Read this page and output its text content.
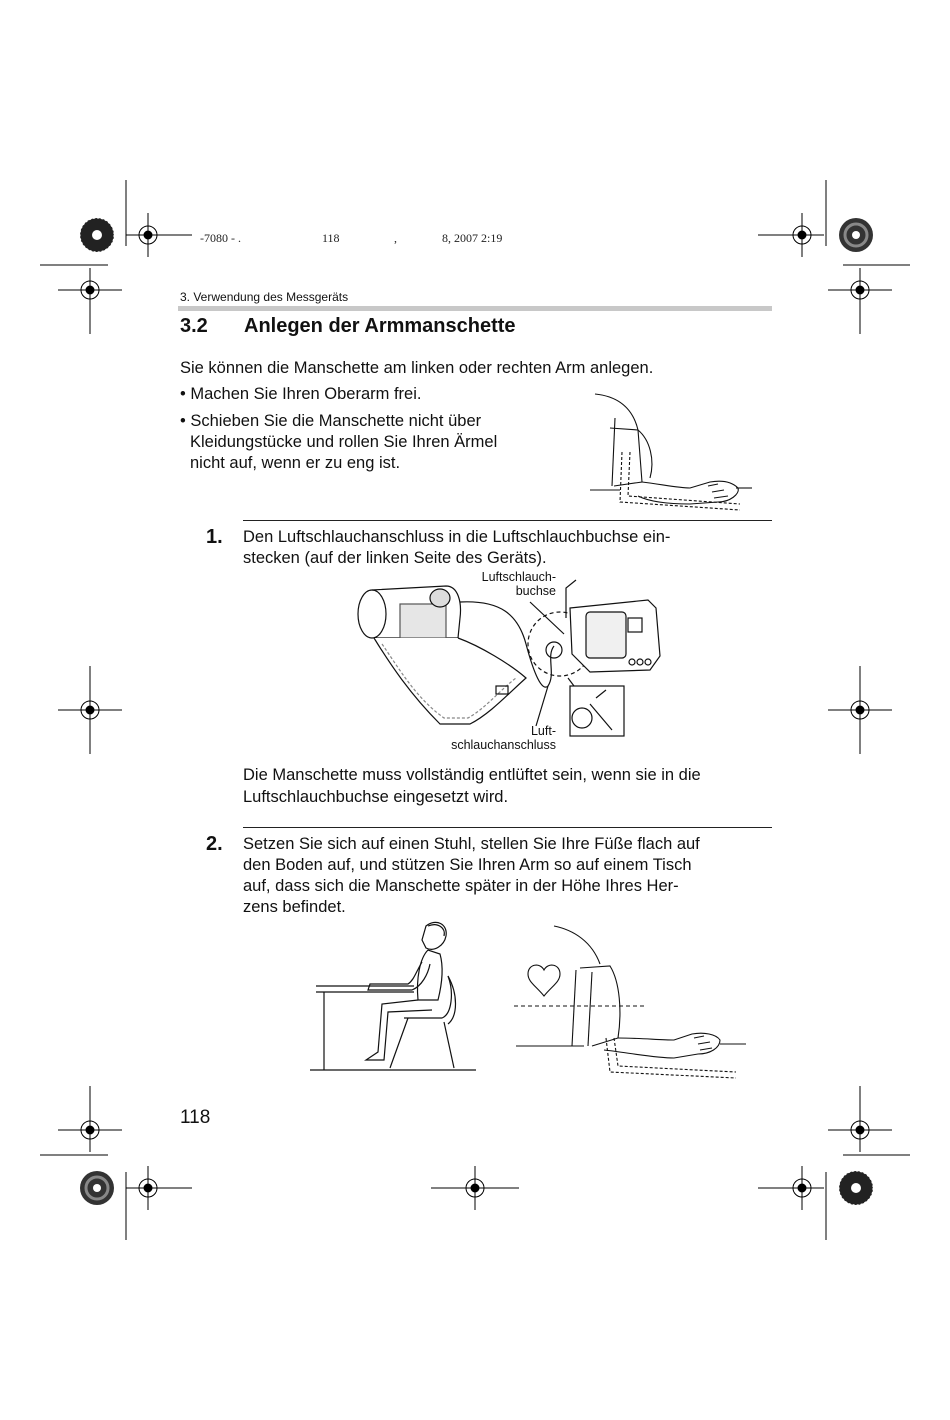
-7080 - .	118	,	8, 2007 2:19
3. Verwendung des Messgeräts
3.2 Anlegen der Armmanschette
Sie können die Manschette am linken oder rechten Arm anlegen.
• Machen Sie Ihren Oberarm frei.
• Schieben Sie die Manschette nicht über
Kleidungstücke und rollen Sie Ihren Ärmel
nicht auf, wenn er zu eng ist.
1. Den Luftschlauchanschluss in die Luftschlauchbuchse ein-
stecken (auf der linken Seite des Geräts).
Luftschlauch-
buchse
Luft-
schlauchanschluss
Die Manschette muss vollständig entlüftet sein, wenn sie in die
Luftschlauchbuchse eingesetzt wird.
2. Setzen Sie sich auf einen Stuhl, stellen Sie Ihre Füße flach auf
den Boden auf, und stützen Sie Ihren Arm so auf einem Tisch
auf, dass sich die Manschette später in der Höhe Ihres Her-
zens befindet.
118
